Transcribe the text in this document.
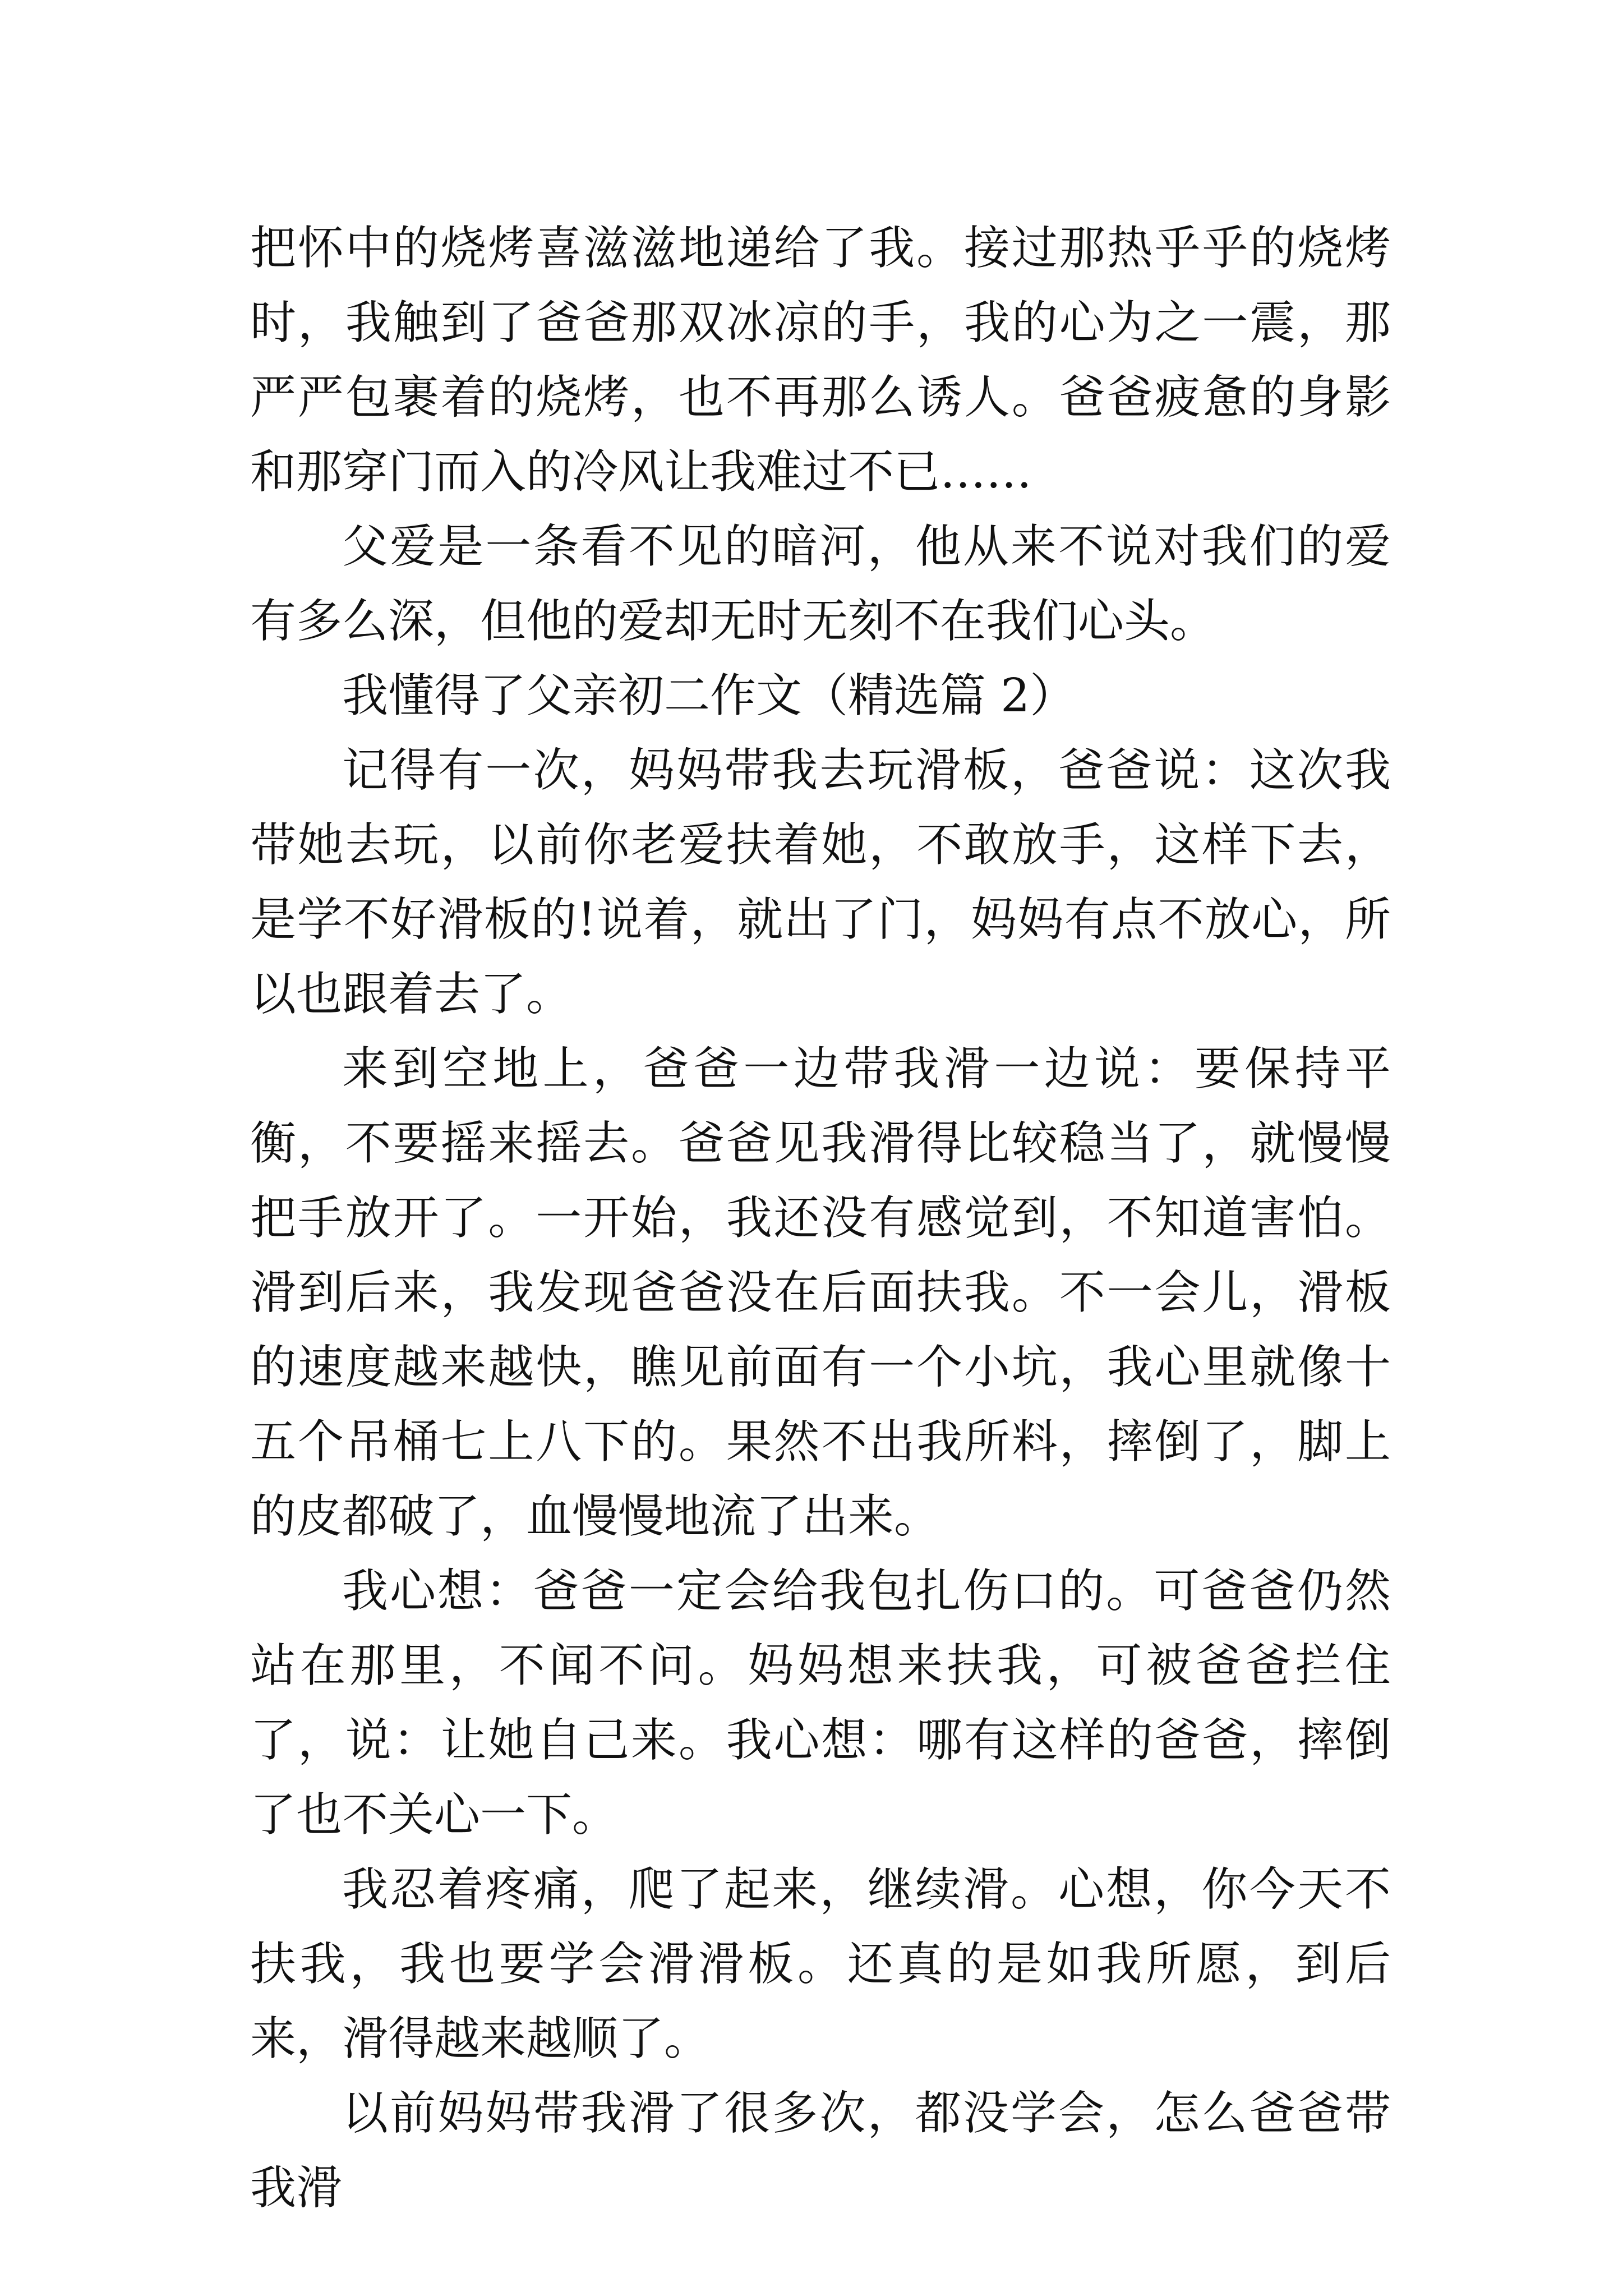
把怀中的烧烤喜滋滋地递给了我。接过那热乎乎的烧烤时，我触到了爸爸那双冰凉的手，我的心为之一震，那严严包裹着的烧烤，也不再那么诱人。爸爸疲惫的身影和那穿门而入的冷风让我难过不已……

父爱是一条看不见的暗河，他从来不说对我们的爱有多么深，但他的爱却无时无刻不在我们心头。

我懂得了父亲初二作文（精选篇 2）

记得有一次，妈妈带我去玩滑板，爸爸说：这次我带她去玩，以前你老爱扶着她，不敢放手，这样下去，是学不好滑板的!说着，就出了门，妈妈有点不放心，所以也跟着去了。

来到空地上，爸爸一边带我滑一边说：要保持平衡，不要摇来摇去。爸爸见我滑得比较稳当了，就慢慢把手放开了。一开始，我还没有感觉到，不知道害怕。滑到后来，我发现爸爸没在后面扶我。不一会儿，滑板的速度越来越快，瞧见前面有一个小坑，我心里就像十五个吊桶七上八下的。果然不出我所料，摔倒了，脚上的皮都破了，血慢慢地流了出来。

我心想：爸爸一定会给我包扎伤口的。可爸爸仍然站在那里，不闻不问。妈妈想来扶我，可被爸爸拦住了，说：让她自己来。我心想：哪有这样的爸爸，摔倒了也不关心一下。

我忍着疼痛，爬了起来，继续滑。心想，你今天不扶我，我也要学会滑滑板。还真的是如我所愿，到后来，滑得越来越顺了。

以前妈妈带我滑了很多次，都没学会，怎么爸爸带我滑
